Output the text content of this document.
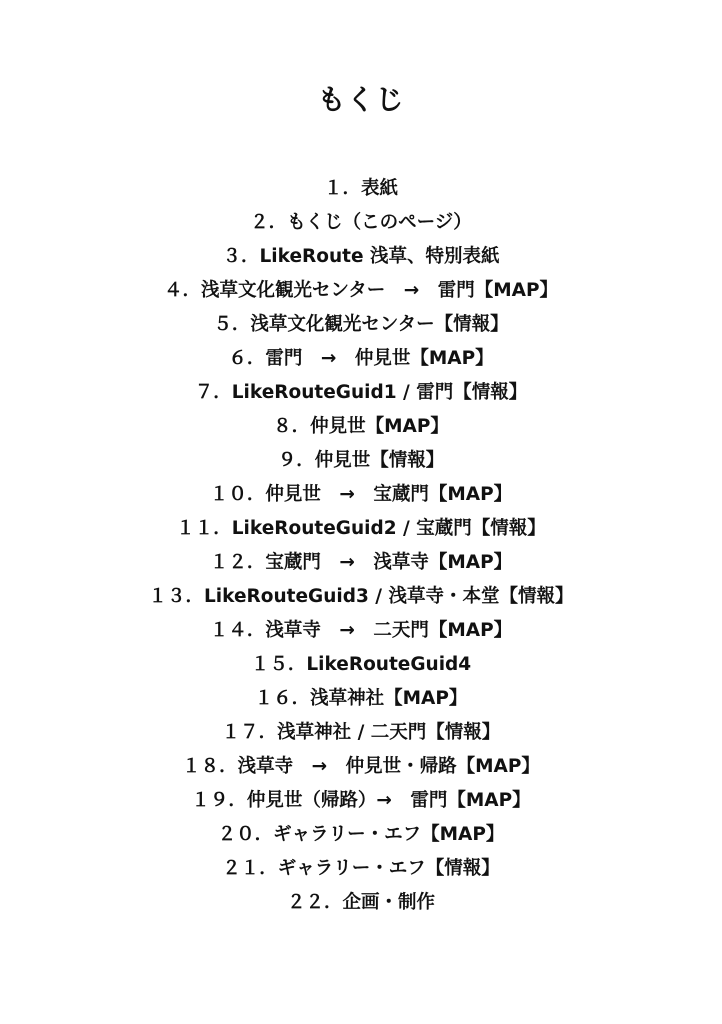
もくじ
１．表紙
２．もくじ（このページ）
３．LikeRoute 浅草、特別表紙
４．浅草文化観光センター　→　雷門【MAP】
５．浅草文化観光センター【情報】
６．雷門　→　仲見世【MAP】
７．LikeRouteGuid1 / 雷門【情報】
８．仲見世【MAP】
９．仲見世【情報】
１０．仲見世　→　宝蔵門【MAP】
１１．LikeRouteGuid2 / 宝蔵門【情報】
１２．宝蔵門　→　浅草寺【MAP】
１３．LikeRouteGuid3 / 浅草寺・本堂【情報】
１４．浅草寺　→　二天門【MAP】
１５．LikeRouteGuid4
１６．浅草神社【MAP】
１７．浅草神社 / 二天門【情報】
１８．浅草寺　→　仲見世・帰路【MAP】
１９．仲見世（帰路）→　雷門【MAP】
２０．ギャラリー・エフ【MAP】
２１．ギャラリー・エフ【情報】
２２．企画・制作
